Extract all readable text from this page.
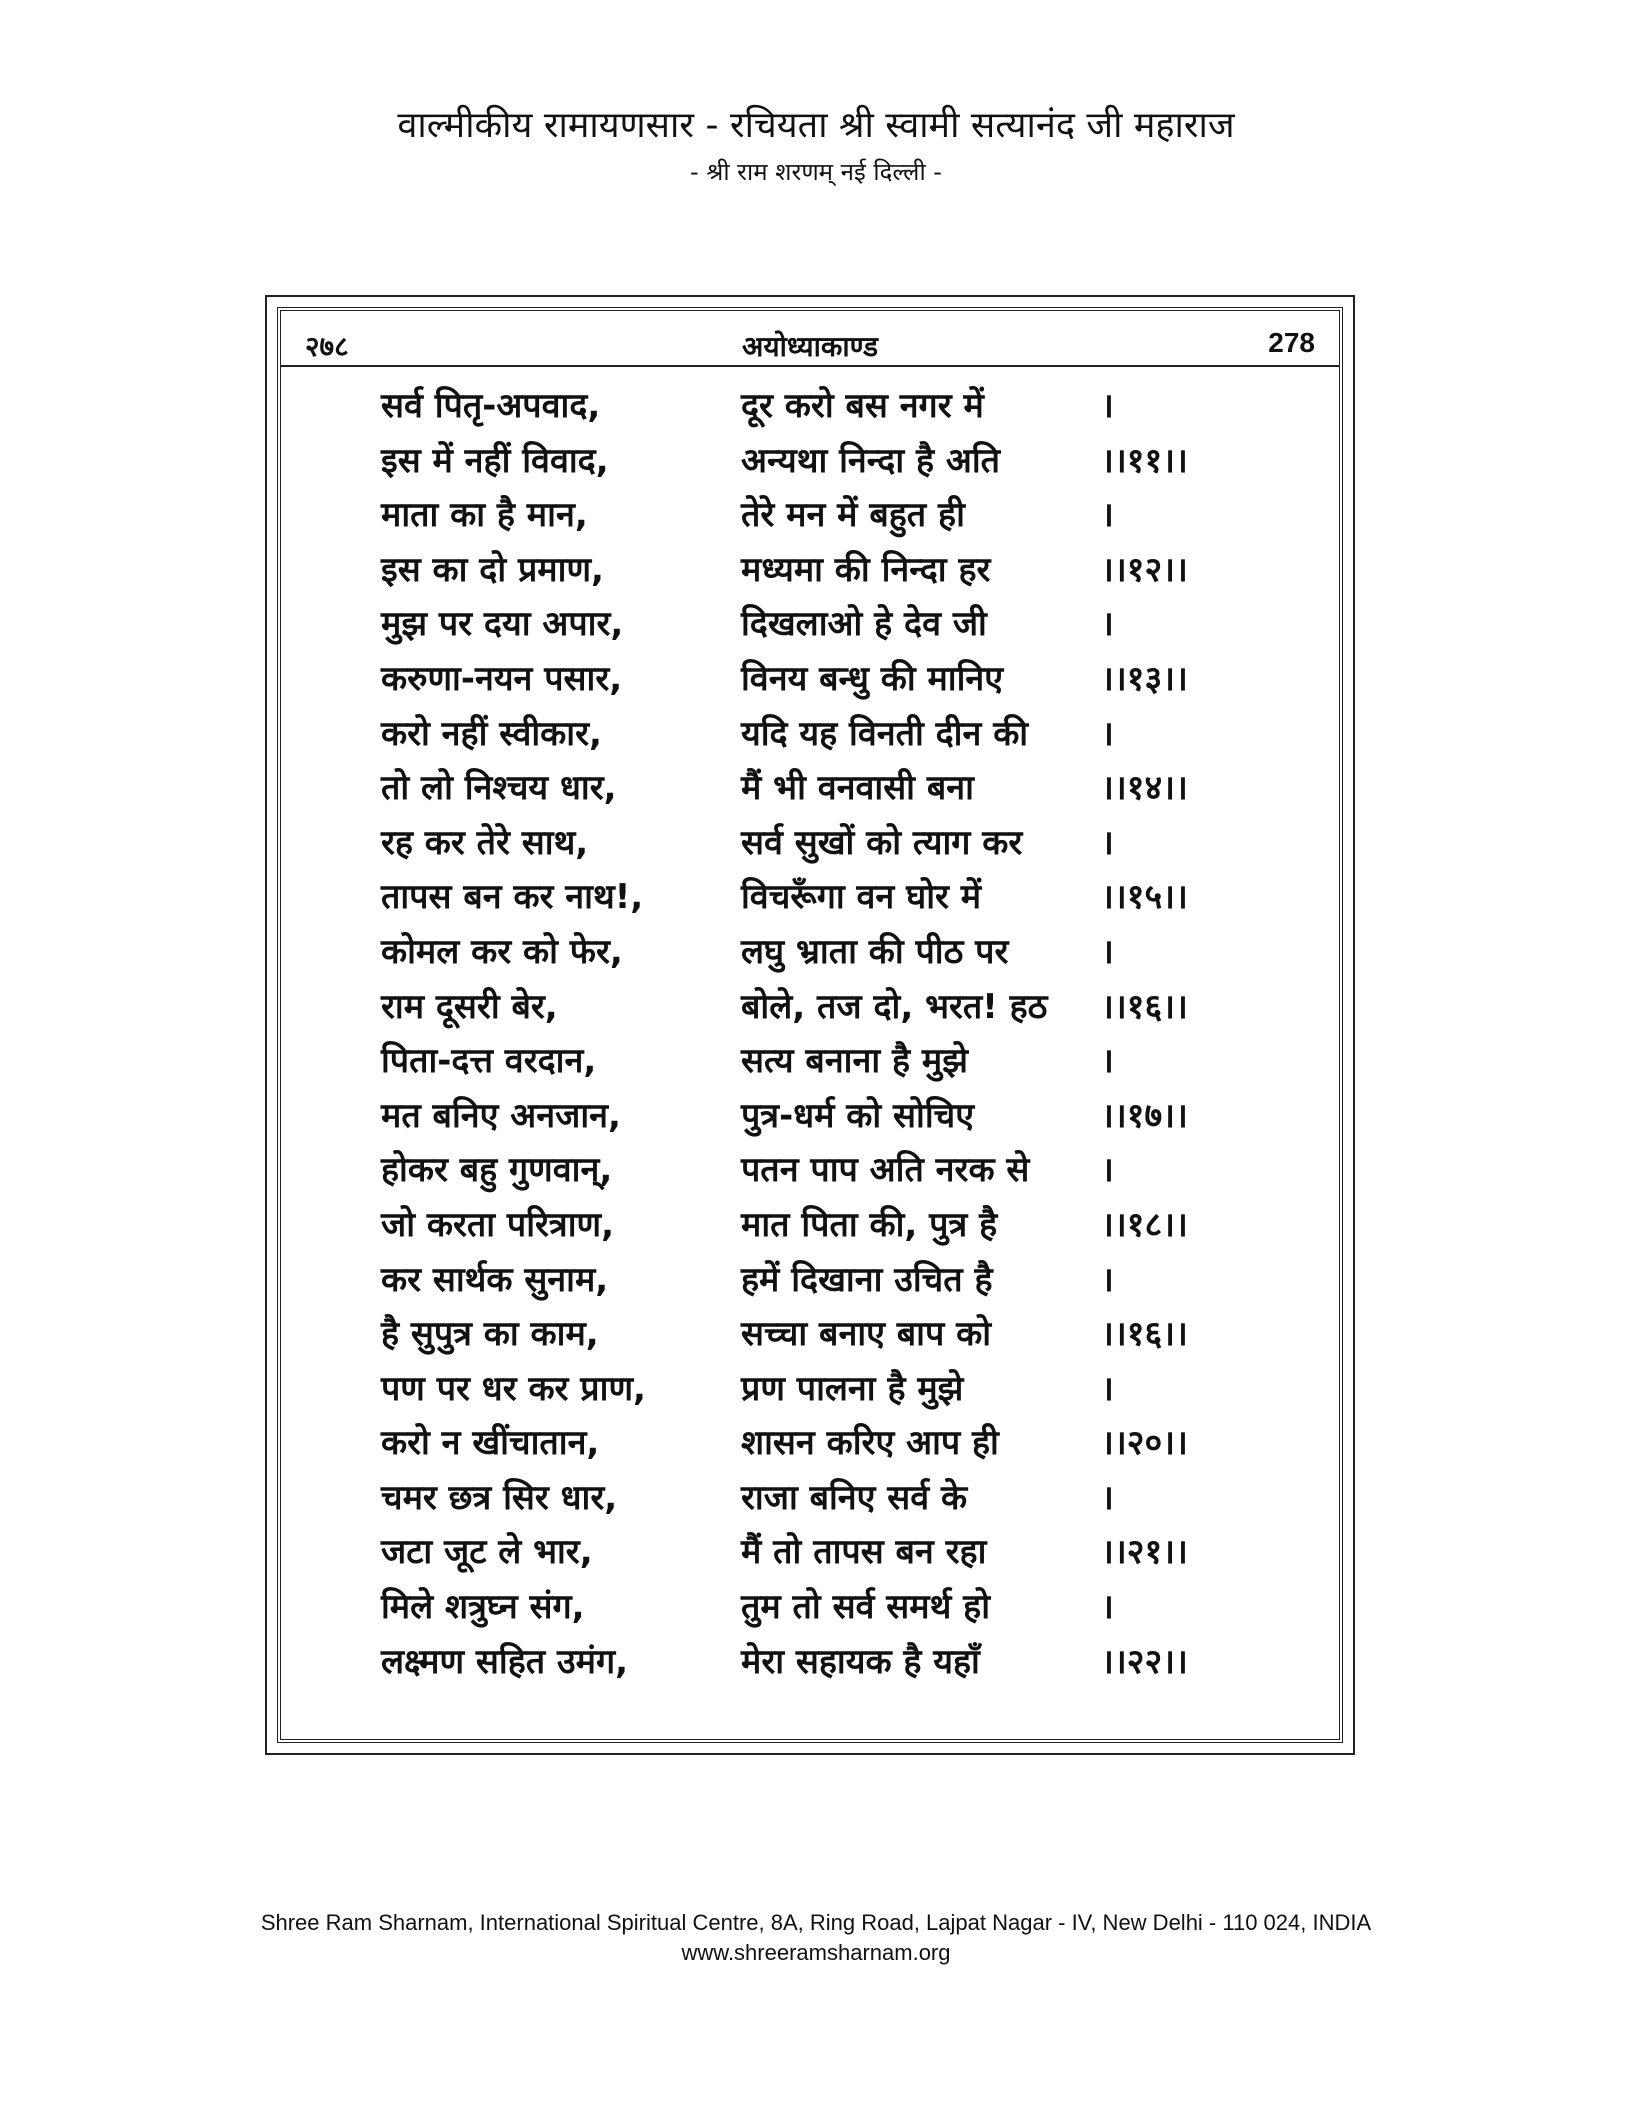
वाल्मीकीय रामायणसार - रचियता श्री स्वामी सत्यानंद जी महाराज
- श्री राम शरणम् नई दिल्ली -
२७८	अयोध्याकाण्ड	278
सर्व पितृ-अपवाद,	दूर करो बस नगर में	।
इस में नहीं विवाद,	अन्यथा निन्दा है अति	।।११।।
माता का है मान,	तेरे मन में बहुत ही	।
इस का दो प्रमाण,	मध्यमा की निन्दा हर	।।१२।।
मुझ पर दया अपार,	दिखलाओ हे देव जी	।
करुणा-नयन पसार,	विनय बन्धु की मानिए	।।१३।।
करो नहीं स्वीकार,	यदि यह विनती दीन की	।
तो लो निश्चय धार,	मैं भी वनवासी बना	।।१४।।
रह कर तेरे साथ,	सर्व सुखों को त्याग कर	।
तापस बन कर नाथ!,	विचरूँगा वन घोर में	।।१५।।
कोमल कर को फेर,	लघु भ्राता की पीठ पर	।
राम दूसरी बेर,	बोले, तज दो, भरत! हठ	।।१६।।
पिता-दत्त वरदान,	सत्य बनाना है मुझे	।
मत बनिए अनजान,	पुत्र-धर्म को सोचिए	।।१७।।
होकर बहु गुणवान्,	पतन पाप अति नरक से	।
जो करता परित्राण,	मात पिता की, पुत्र है	।।१८।।
कर सार्थक सुनाम,	हमें दिखाना उचित है	।
है सुपुत्र का काम,	सच्चा बनाए बाप को	।।१६।।
पण पर धर कर प्राण,	प्रण पालना है मुझे	।
करो न खींचातान,	शासन करिए आप ही	।।२०।।
चमर छत्र सिर धार,	राजा बनिए सर्व के	।
जटा जूट ले भार,	मैं तो तापस बन रहा	।।२१।।
मिले शत्रुघ्न संग,	तुम तो सर्व समर्थ हो	।
लक्ष्मण सहित उमंग,	मेरा सहायक है यहाँ	।।२२।।
Shree Ram Sharnam, International Spiritual Centre, 8A, Ring Road, Lajpat Nagar - IV, New Delhi - 110 024, INDIA
www.shreeramsharnam.org
